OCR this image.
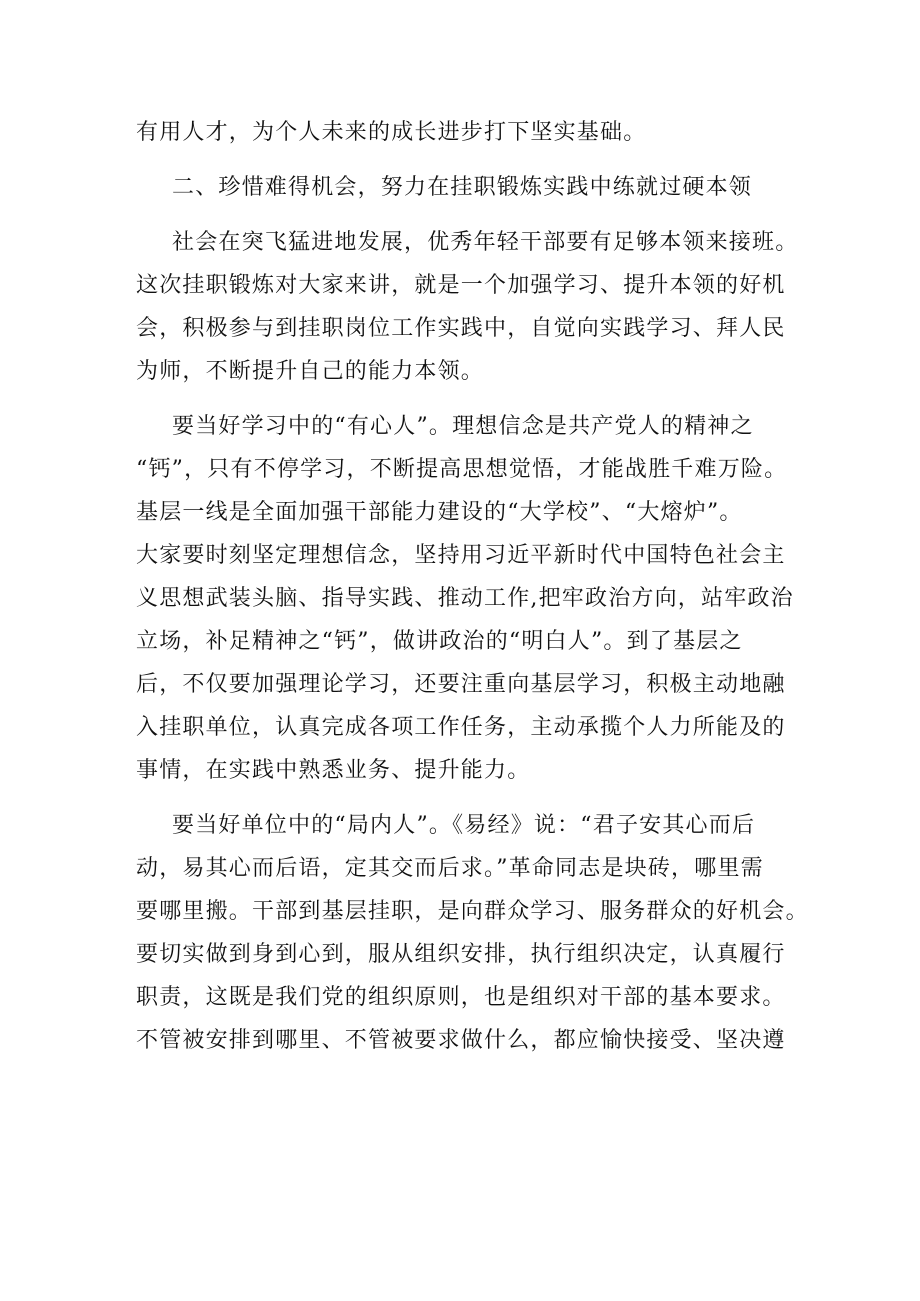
有用人才，为个人未来的成长进步打下坚实基础。
二、珍惜难得机会，努力在挂职锻炼实践中练就过硬本领
社会在突飞猛进地发展，优秀年轻干部要有足够本领来接班。
这次挂职锻炼对大家来讲，就是一个加强学习、提升本领的好机
会，积极参与到挂职岗位工作实践中，自觉向实践学习、拜人民
为师，不断提升自己的能力本领。
要当好学习中的“有心人”。理想信念是共产党人的精神之
“钙”，只有不停学习，不断提高思想觉悟，才能战胜千难万险。
基层一线是全面加强干部能力建设的“大学校”、“大熔炉”。
大家要时刻坚定理想信念，坚持用习近平新时代中国特色社会主
义思想武装头脑、指导实践、推动工作,把牢政治方向，站牢政治
立场，补足精神之“钙”，做讲政治的“明白人”。到了基层之
后，不仅要加强理论学习，还要注重向基层学习，积极主动地融
入挂职单位，认真完成各项工作任务，主动承揽个人力所能及的
事情，在实践中熟悉业务、提升能力。
要当好单位中的“局内人”。《易经》说：“君子安其心而后
动，易其心而后语，定其交而后求。”革命同志是块砖，哪里需
要哪里搬。干部到基层挂职，是向群众学习、服务群众的好机会。
要切实做到身到心到，服从组织安排，执行组织决定，认真履行
职责，这既是我们党的组织原则，也是组织对干部的基本要求。
不管被安排到哪里、不管被要求做什么，都应愉快接受、坚决遵
